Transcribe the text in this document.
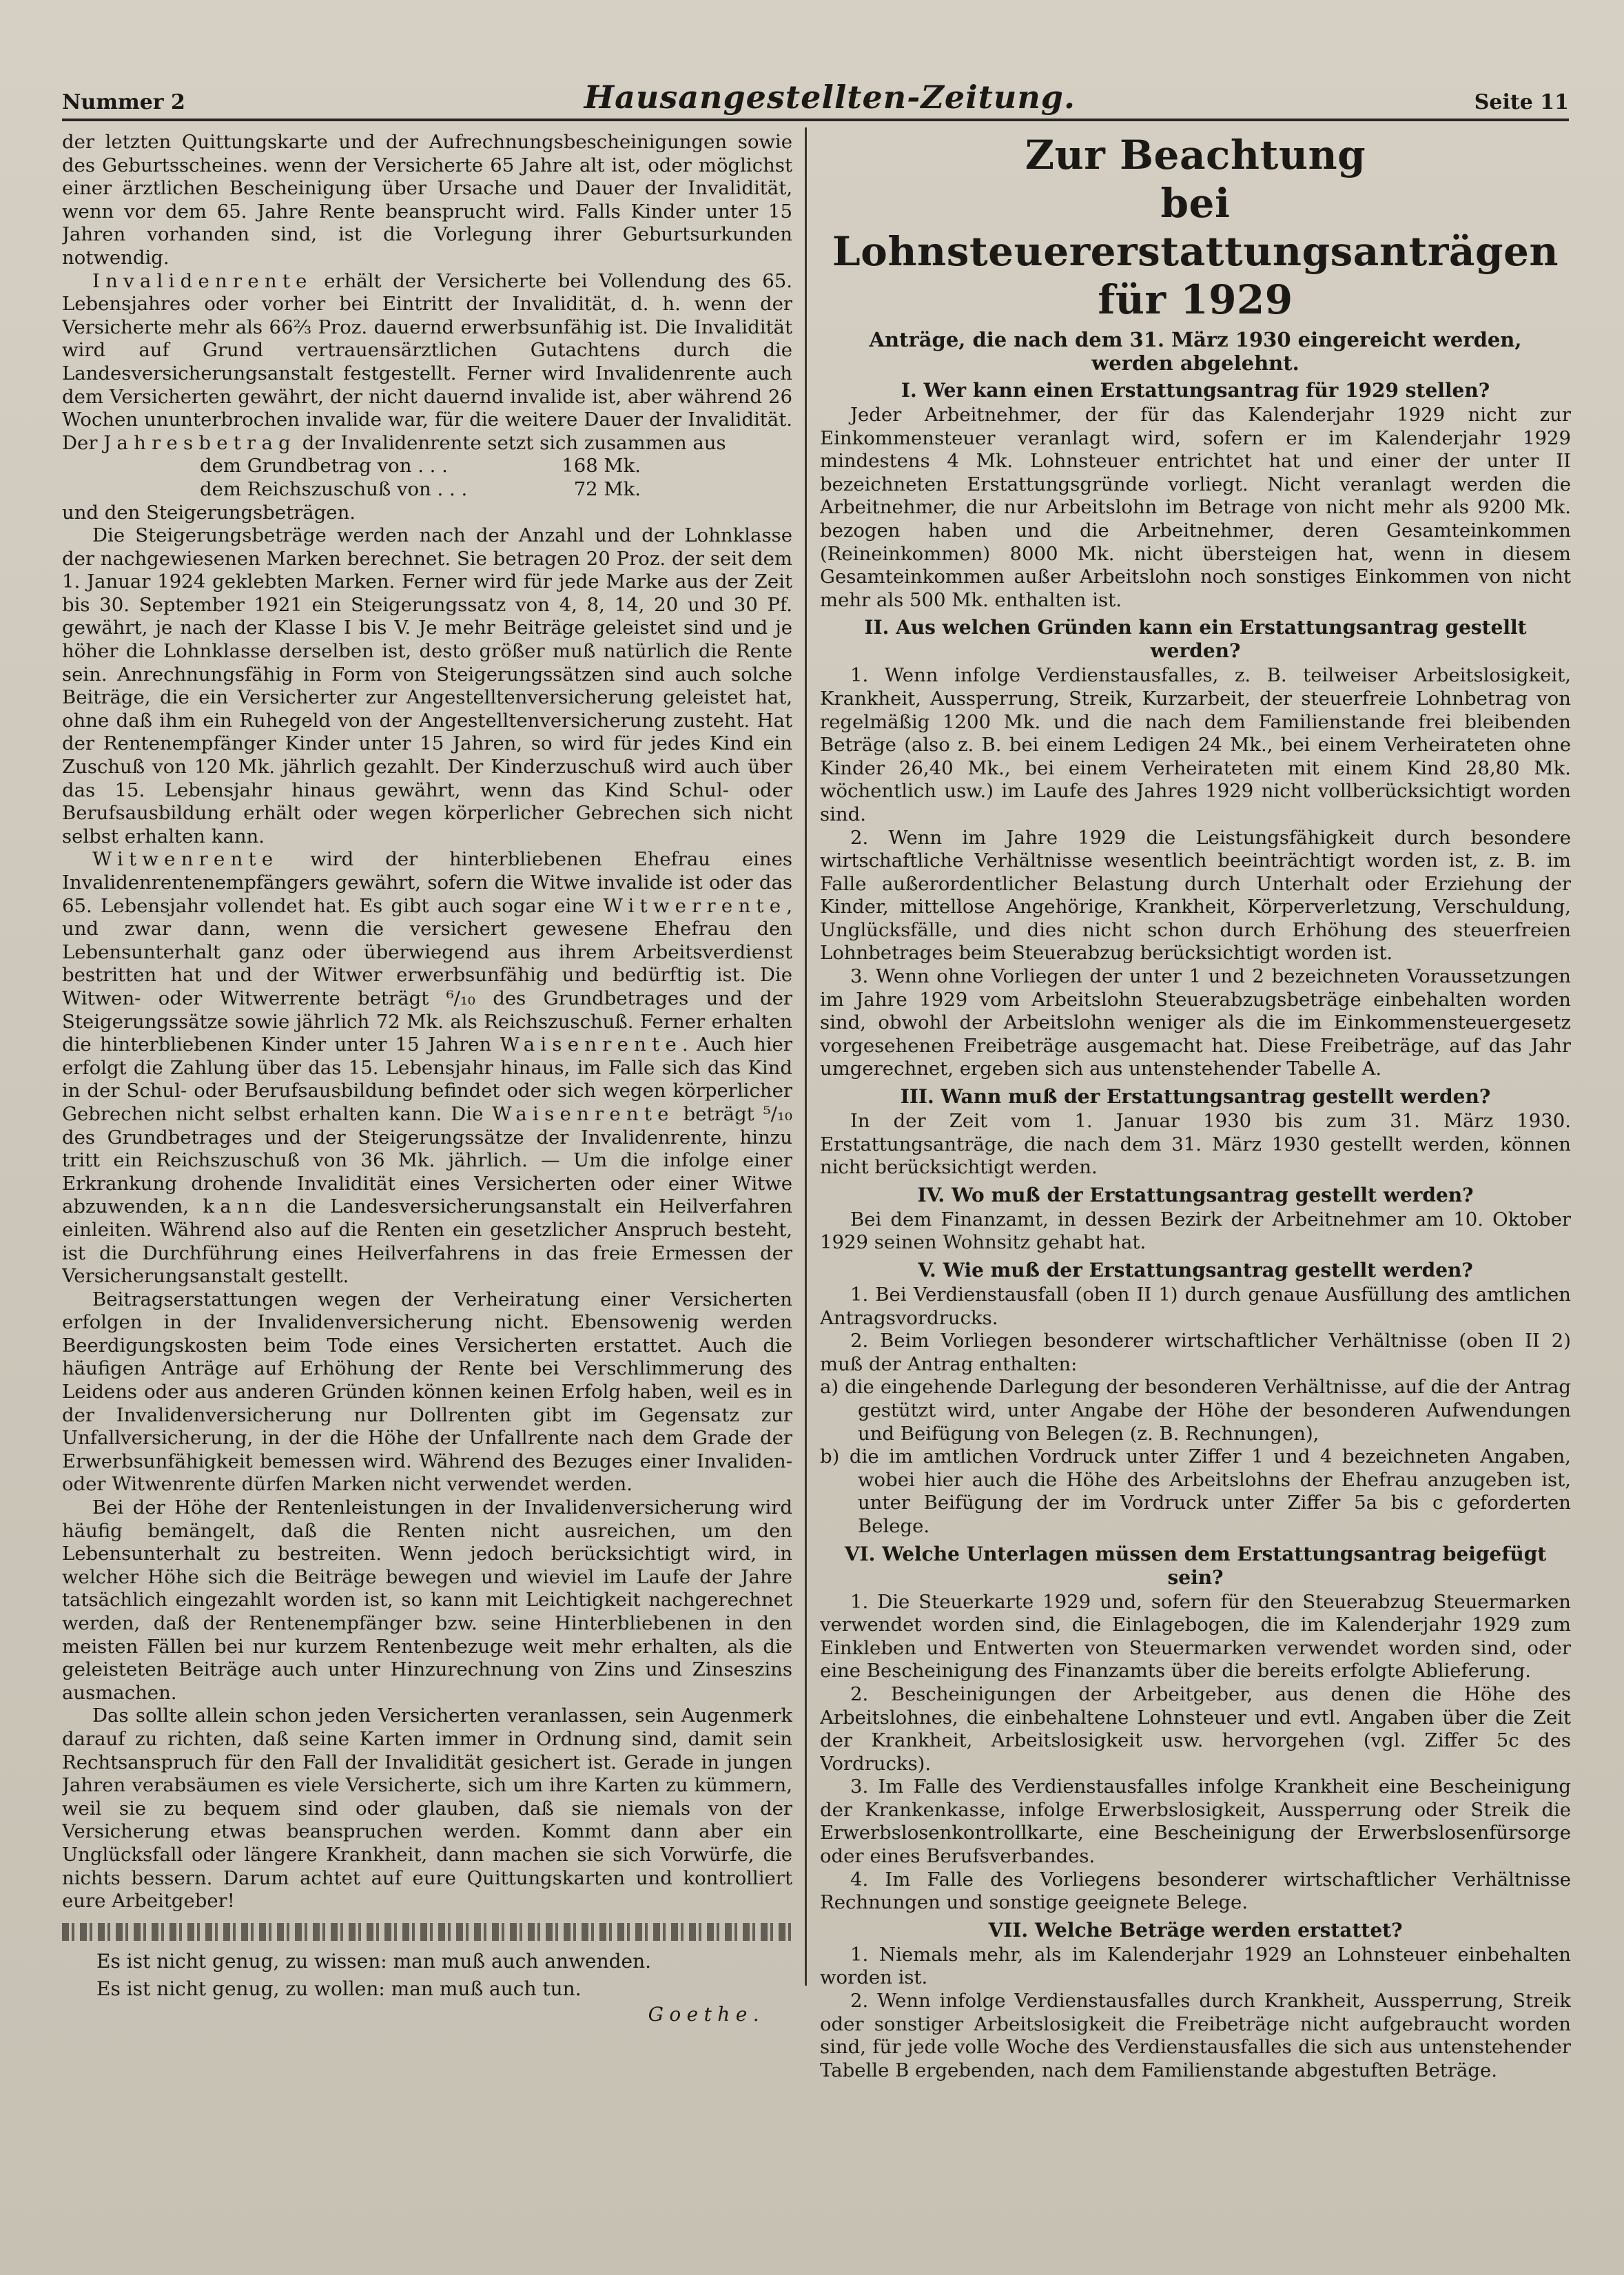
Nummer 2	Hausangestellten-Zeitung.	Seite 11

der letzten Quittungskarte und der Aufrechnungsbescheinigungen sowie des Geburtsscheines. wenn der Versicherte 65 Jahre alt ist, oder möglichst einer ärztlichen Bescheinigung über Ursache und Dauer der Invalidität, wenn vor dem 65. Jahre Rente beansprucht wird. Falls Kinder unter 15 Jahren vorhanden sind, ist die Vorlegung ihrer Geburtsurkunden notwendig.

Invalidenrente erhält der Versicherte bei Vollendung des 65. Lebensjahres oder vorher bei Eintritt der Invalidität, d. h. wenn der Versicherte mehr als 66⅔ Proz. dauernd erwerbsunfähig ist. Die Invalidität wird auf Grund vertrauensärztlichen Gutachtens durch die Landesversicherungsanstalt festgestellt. Ferner wird Invalidenrente auch dem Versicherten gewährt, der nicht dauernd invalide ist, aber während 26 Wochen ununterbrochen invalide war, für die weitere Dauer der Invalidität. Der Jahresbetrag der Invalidenrente setzt sich zusammen aus

dem Grundbetrag von . . .	168 Mk.
dem Reichszuschuß von . . .	72 Mk.

und den Steigerungsbeträgen.

Die Steigerungsbeträge werden nach der Anzahl und der Lohnklasse der nachgewiesenen Marken berechnet. Sie betragen 20 Proz. der seit dem 1. Januar 1924 geklebten Marken. Ferner wird für jede Marke aus der Zeit bis 30. September 1921 ein Steigerungssatz von 4, 8, 14, 20 und 30 Pf. gewährt, je nach der Klasse I bis V. Je mehr Beiträge geleistet sind und je höher die Lohnklasse derselben ist, desto größer muß natürlich die Rente sein. Anrechnungsfähig in Form von Steigerungssätzen sind auch solche Beiträge, die ein Versicherter zur Angestelltenversicherung geleistet hat, ohne daß ihm ein Ruhegeld von der Angestelltenversicherung zusteht. Hat der Rentenempfänger Kinder unter 15 Jahren, so wird für jedes Kind ein Zuschuß von 120 Mk. jährlich gezahlt. Der Kinderzuschuß wird auch über das 15. Lebensjahr hinaus gewährt, wenn das Kind Schul- oder Berufsausbildung erhält oder wegen körperlicher Gebrechen sich nicht selbst erhalten kann.

Witwenrente wird der hinterbliebenen Ehefrau eines Invalidenrentenempfängers gewährt, sofern die Witwe invalide ist oder das 65. Lebensjahr vollendet hat. Es gibt auch sogar eine Witwerrente, und zwar dann, wenn die versichert gewesene Ehefrau den Lebensunterhalt ganz oder überwiegend aus ihrem Arbeitsverdienst bestritten hat und der Witwer erwerbsunfähig und bedürftig ist. Die Witwen- oder Witwerrente beträgt ⁶/₁₀ des Grundbetrages und der Steigerungssätze sowie jährlich 72 Mk. als Reichszuschuß. Ferner erhalten die hinterbliebenen Kinder unter 15 Jahren Waisenrente. Auch hier erfolgt die Zahlung über das 15. Lebensjahr hinaus, im Falle sich das Kind in der Schul- oder Berufsausbildung befindet oder sich wegen körperlicher Gebrechen nicht selbst erhalten kann. Die Waisenrente beträgt ⁵/₁₀ des Grundbetrages und der Steigerungssätze der Invalidenrente, hinzu tritt ein Reichszuschuß von 36 Mk. jährlich. — Um die infolge einer Erkrankung drohende Invalidität eines Versicherten oder einer Witwe abzuwenden, kann die Landesversicherungsanstalt ein Heilverfahren einleiten. Während also auf die Renten ein gesetzlicher Anspruch besteht, ist die Durchführung eines Heilverfahrens in das freie Ermessen der Versicherungsanstalt gestellt.

Beitragserstattungen wegen der Verheiratung einer Versicherten erfolgen in der Invalidenversicherung nicht. Ebensowenig werden Beerdigungskosten beim Tode eines Versicherten erstattet. Auch die häufigen Anträge auf Erhöhung der Rente bei Verschlimmerung des Leidens oder aus anderen Gründen können keinen Erfolg haben, weil es in der Invalidenversicherung nur Dollrenten gibt im Gegensatz zur Unfallversicherung, in der die Höhe der Unfallrente nach dem Grade der Erwerbsunfähigkeit bemessen wird. Während des Bezuges einer Invaliden- oder Witwenrente dürfen Marken nicht verwendet werden.

Bei der Höhe der Rentenleistungen in der Invalidenversicherung wird häufig bemängelt, daß die Renten nicht ausreichen, um den Lebensunterhalt zu bestreiten. Wenn jedoch berücksichtigt wird, in welcher Höhe sich die Beiträge bewegen und wieviel im Laufe der Jahre tatsächlich eingezahlt worden ist, so kann mit Leichtigkeit nachgerechnet werden, daß der Rentenempfänger bzw. seine Hinterbliebenen in den meisten Fällen bei nur kurzem Rentenbezuge weit mehr erhalten, als die geleisteten Beiträge auch unter Hinzurechnung von Zins und Zinseszins ausmachen.

Das sollte allein schon jeden Versicherten veranlassen, sein Augenmerk darauf zu richten, daß seine Karten immer in Ordnung sind, damit sein Rechtsanspruch für den Fall der Invalidität gesichert ist. Gerade in jungen Jahren verabsäumen es viele Versicherte, sich um ihre Karten zu kümmern, weil sie zu bequem sind oder glauben, daß sie niemals von der Versicherung etwas beanspruchen werden. Kommt dann aber ein Unglücksfall oder längere Krankheit, dann machen sie sich Vorwürfe, die nichts bessern. Darum achtet auf eure Quittungskarten und kontrolliert eure Arbeitgeber!

Es ist nicht genug, zu wissen: man muß auch anwenden.
Es ist nicht genug, zu wollen: man muß auch tun.
Goethe.
Zur Beachtung
bei Lohnsteuererstattungsanträgen
für 1929
Anträge, die nach dem 31. März 1930 eingereicht werden, werden abgelehnt.
I. Wer kann einen Erstattungsantrag für 1929 stellen?

Jeder Arbeitnehmer, der für das Kalenderjahr 1929 nicht zur Einkommensteuer veranlagt wird, sofern er im Kalenderjahr 1929 mindestens 4 Mk. Lohnsteuer entrichtet hat und einer der unter II bezeichneten Erstattungsgründe vorliegt. Nicht veranlagt werden die Arbeitnehmer, die nur Arbeitslohn im Betrage von nicht mehr als 9200 Mk. bezogen haben und die Arbeitnehmer, deren Gesamteinkommen (Reineinkommen) 8000 Mk. nicht übersteigen hat, wenn in diesem Gesamteinkommen außer Arbeitslohn noch sonstiges Einkommen von nicht mehr als 500 Mk. enthalten ist.

II. Aus welchen Gründen kann ein Erstattungsantrag gestellt werden?

1. Wenn infolge Verdienstausfalles, z. B. teilweiser Arbeitslosigkeit, Krankheit, Aussperrung, Streik, Kurzarbeit, der steuerfreie Lohnbetrag von regelmäßig 1200 Mk. und die nach dem Familienstande frei bleibenden Beträge (also z. B. bei einem Ledigen 24 Mk., bei einem Verheirateten ohne Kinder 26,40 Mk., bei einem Verheirateten mit einem Kind 28,80 Mk. wöchentlich usw.) im Laufe des Jahres 1929 nicht vollberücksichtigt worden sind.

2. Wenn im Jahre 1929 die Leistungsfähigkeit durch besondere wirtschaftliche Verhältnisse wesentlich beeinträchtigt worden ist, z. B. im Falle außerordentlicher Belastung durch Unterhalt oder Erziehung der Kinder, mittellose Angehörige, Krankheit, Körperverletzung, Verschuldung, Unglücksfälle, und dies nicht schon durch Erhöhung des steuerfreien Lohnbetrages beim Steuerabzug berücksichtigt worden ist.

3. Wenn ohne Vorliegen der unter 1 und 2 bezeichneten Voraussetzungen im Jahre 1929 vom Arbeitslohn Steuerabzugsbeträge einbehalten worden sind, obwohl der Arbeitslohn weniger als die im Einkommensteuergesetz vorgesehenen Freibeträge ausgemacht hat. Diese Freibeträge, auf das Jahr umgerechnet, ergeben sich aus untenstehender Tabelle A.

III. Wann muß der Erstattungsantrag gestellt werden?

In der Zeit vom 1. Januar 1930 bis zum 31. März 1930. Erstattungsanträge, die nach dem 31. März 1930 gestellt werden, können nicht berücksichtigt werden.

IV. Wo muß der Erstattungsantrag gestellt werden?

Bei dem Finanzamt, in dessen Bezirk der Arbeitnehmer am 10. Oktober 1929 seinen Wohnsitz gehabt hat.

V. Wie muß der Erstattungsantrag gestellt werden?

1. Bei Verdienstausfall (oben II 1) durch genaue Ausfüllung des amtlichen Antragsvordrucks.

2. Beim Vorliegen besonderer wirtschaftlicher Verhältnisse (oben II 2) muß der Antrag enthalten:

a) die eingehende Darlegung der besonderen Verhältnisse, auf die der Antrag gestützt wird, unter Angabe der Höhe der besonderen Aufwendungen und Beifügung von Belegen (z. B. Rechnungen),

b) die im amtlichen Vordruck unter Ziffer 1 und 4 bezeichneten Angaben, wobei hier auch die Höhe des Arbeitslohns der Ehefrau anzugeben ist, unter Beifügung der im Vordruck unter Ziffer 5a bis c geforderten Belege.

VI. Welche Unterlagen müssen dem Erstattungsantrag beigefügt sein?

1. Die Steuerkarte 1929 und, sofern für den Steuerabzug Steuermarken verwendet worden sind, die Einlagebogen, die im Kalenderjahr 1929 zum Einkleben und Entwerten von Steuermarken verwendet worden sind, oder eine Bescheinigung des Finanzamts über die bereits erfolgte Ablieferung.

2. Bescheinigungen der Arbeitgeber, aus denen die Höhe des Arbeitslohnes, die einbehaltene Lohnsteuer und evtl. Angaben über die Zeit der Krankheit, Arbeitslosigkeit usw. hervorgehen (vgl. Ziffer 5c des Vordrucks).

3. Im Falle des Verdienstausfalles infolge Krankheit eine Bescheinigung der Krankenkasse, infolge Erwerbslosigkeit, Aussperrung oder Streik die Erwerbslosenkontrollkarte, eine Bescheinigung der Erwerbslosenfürsorge oder eines Berufsverbandes.

4. Im Falle des Vorliegens besonderer wirtschaftlicher Verhältnisse Rechnungen und sonstige geeignete Belege.

VII. Welche Beträge werden erstattet?

1. Niemals mehr, als im Kalenderjahr 1929 an Lohnsteuer einbehalten worden ist.

2. Wenn infolge Verdienstausfalles durch Krankheit, Aussperrung, Streik oder sonstiger Arbeitslosigkeit die Freibeträge nicht aufgebraucht worden sind, für jede volle Woche des Verdienstausfalles die sich aus untenstehender Tabelle B ergebenden, nach dem Familienstande abgestuften Beträge.
